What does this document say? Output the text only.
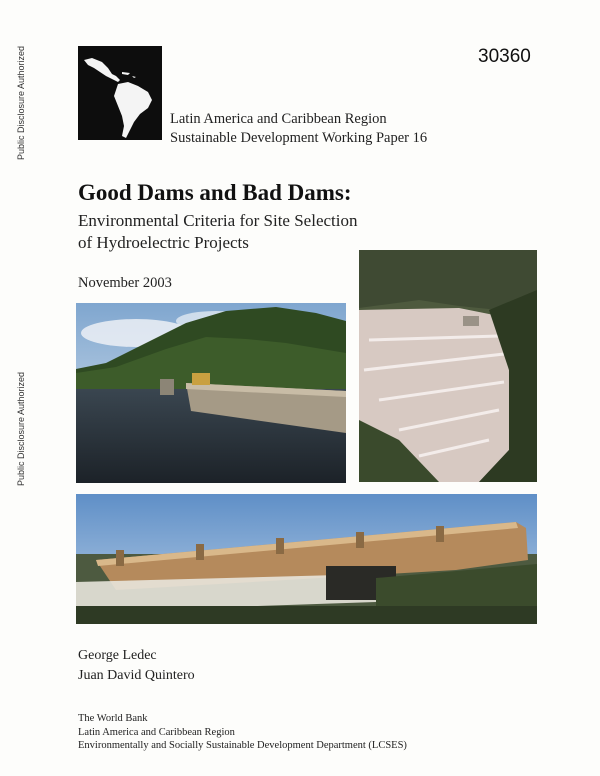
Public Disclosure Authorized
Public Disclosure Authorized
30360
Latin America and Caribbean Region
Sustainable Development Working Paper 16
Good Dams and Bad Dams:
Environmental Criteria for Site Selection
of Hydroelectric Projects
November 2003
George Ledec
Juan David Quintero
The World Bank
Latin America and Caribbean Region
Environmentally and Socially Sustainable Development Department (LCSES)
